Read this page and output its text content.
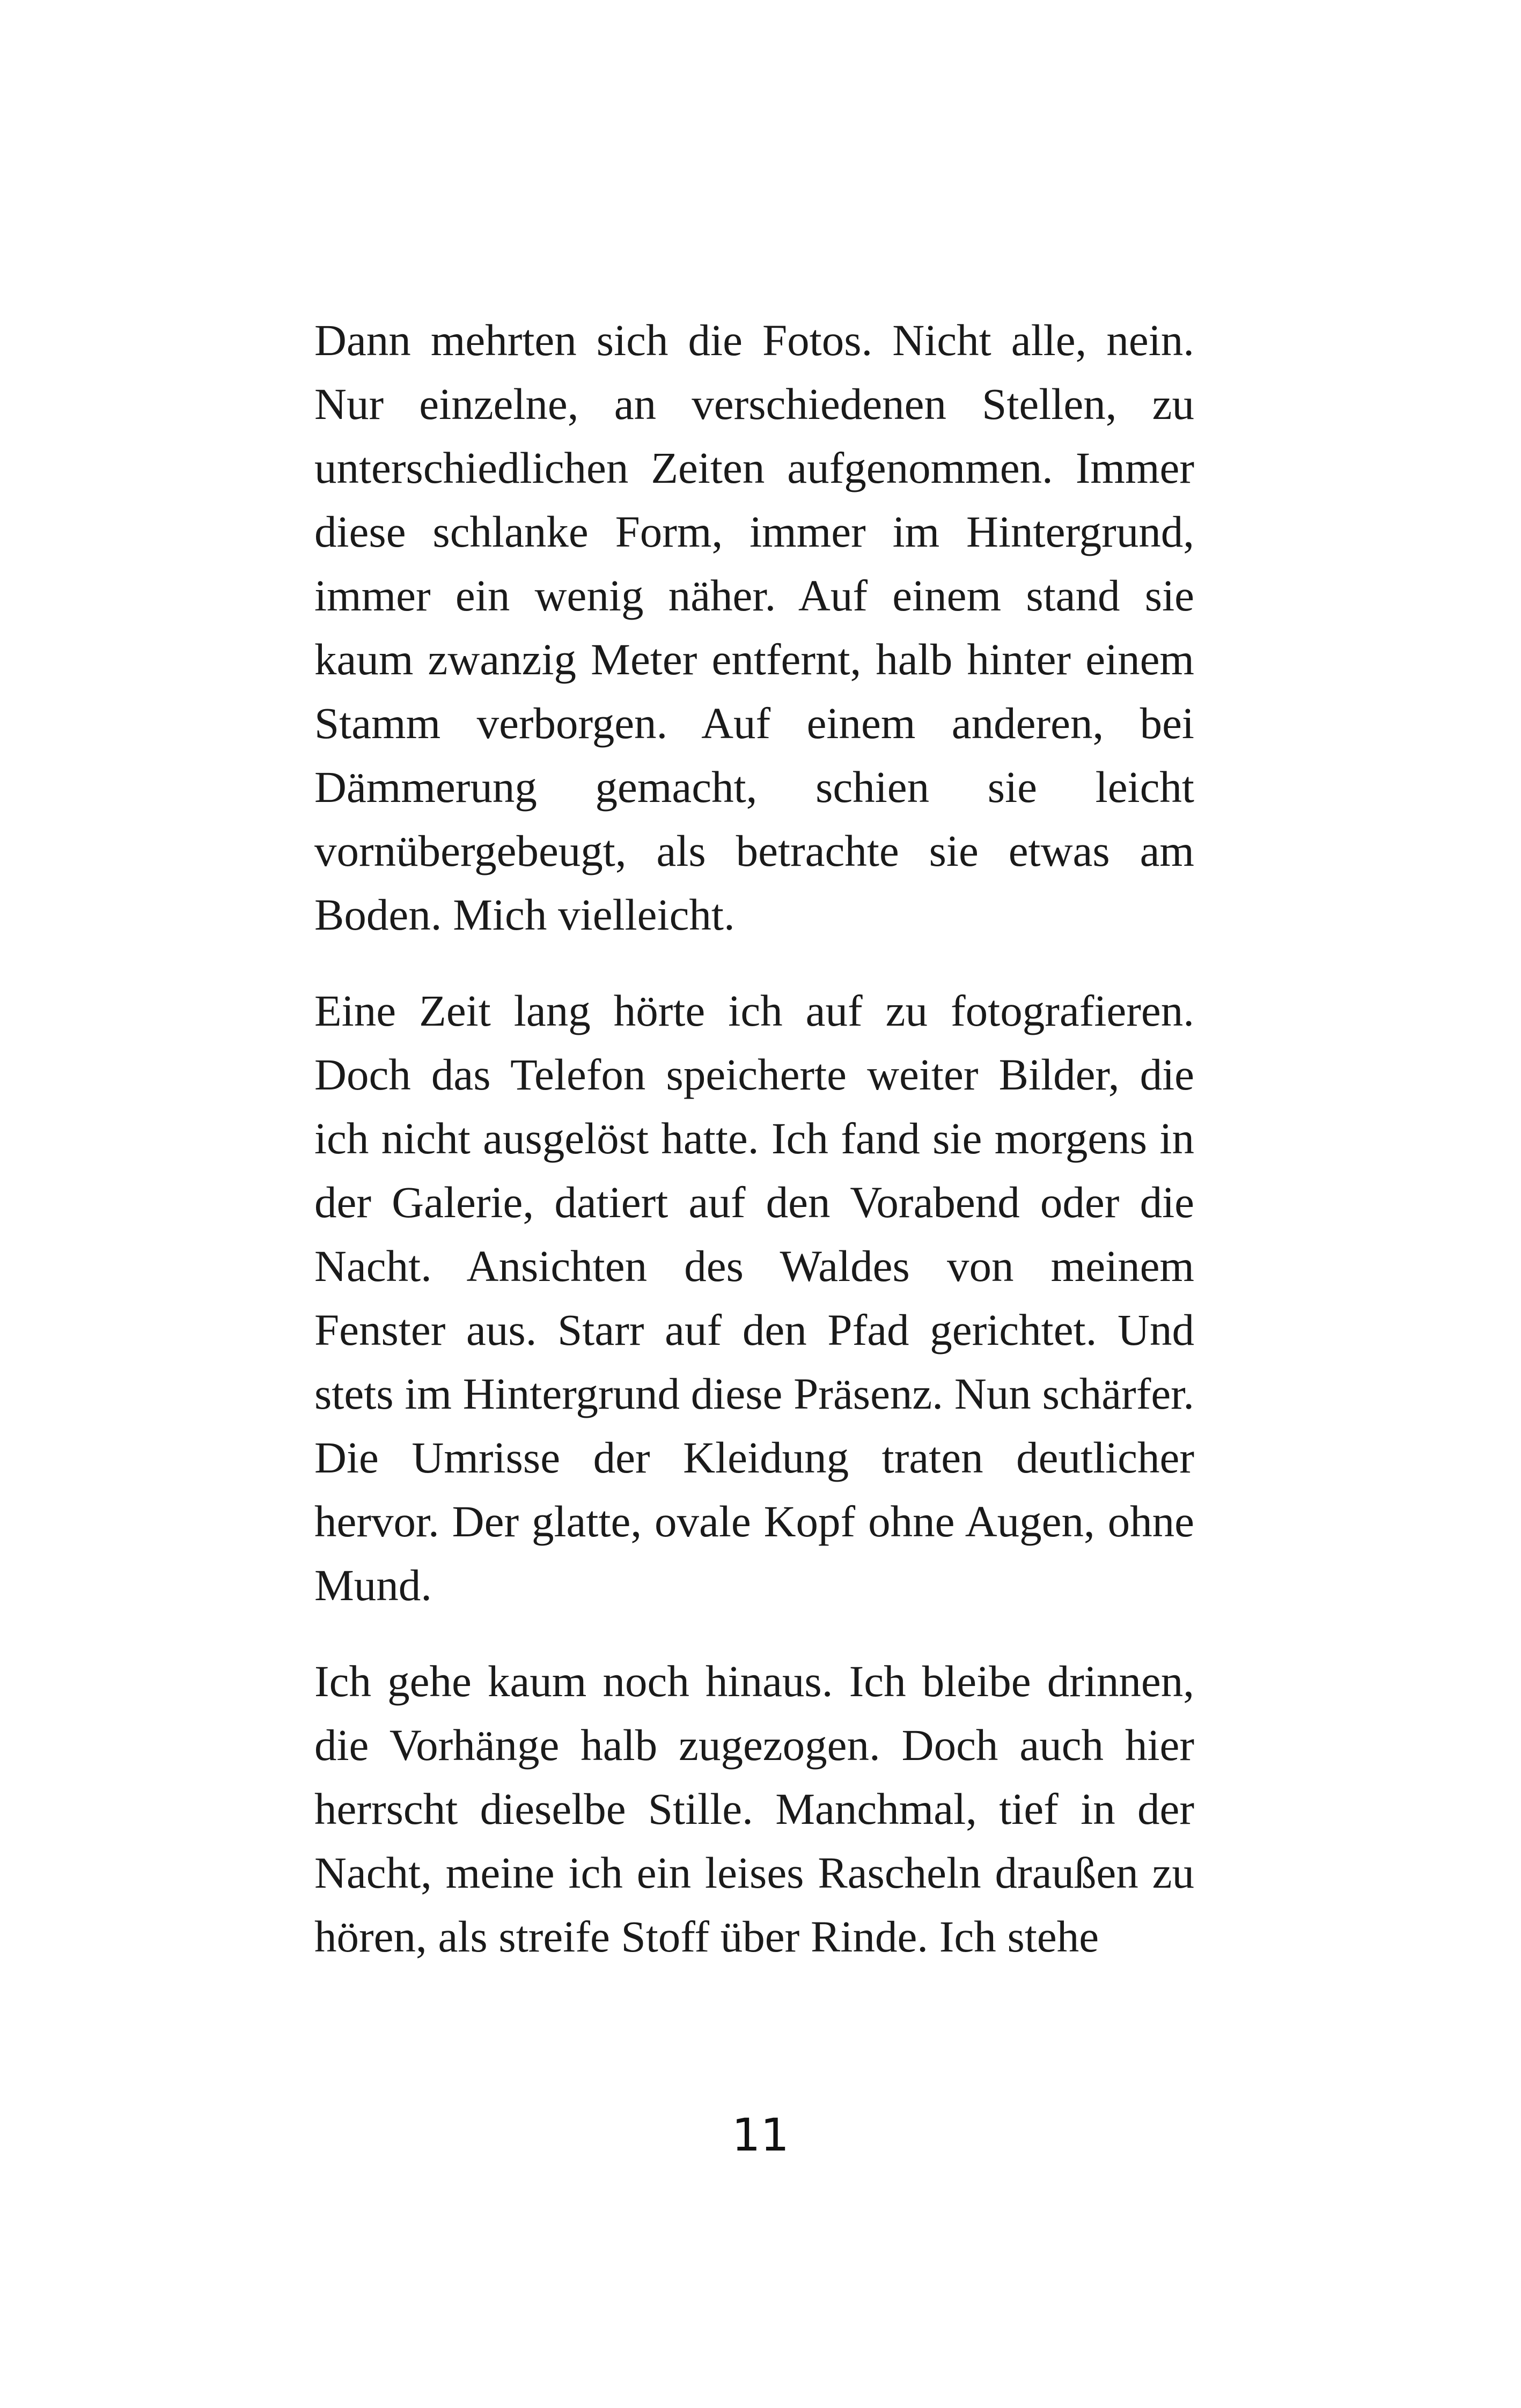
Dann mehrten sich die Fotos. Nicht alle, nein. Nur einzelne, an verschiedenen Stellen, zu unterschiedlichen Zeiten aufgenommen. Immer diese schlanke Form, immer im Hintergrund, immer ein wenig näher. Auf einem stand sie kaum zwanzig Meter entfernt, halb hinter einem Stamm verborgen. Auf einem anderen, bei Dämmerung gemacht, schien sie leicht vornübergebeugt, als betrachte sie etwas am Boden. Mich vielleicht.

Eine Zeit lang hörte ich auf zu fotografieren. Doch das Telefon speicherte weiter Bilder, die ich nicht ausgelöst hatte. Ich fand sie morgens in der Galerie, datiert auf den Vorabend oder die Nacht. Ansichten des Waldes von meinem Fenster aus. Starr auf den Pfad gerichtet. Und stets im Hintergrund diese Präsenz. Nun schärfer. Die Umrisse der Kleidung traten deutlicher hervor. Der glatte, ovale Kopf ohne Augen, ohne Mund.

Ich gehe kaum noch hinaus. Ich bleibe drinnen, die Vorhänge halb zugezogen. Doch auch hier herrscht dieselbe Stille. Manchmal, tief in der Nacht, meine ich ein leises Rascheln draußen zu hören, als streife Stoff über Rinde. Ich stehe

11
